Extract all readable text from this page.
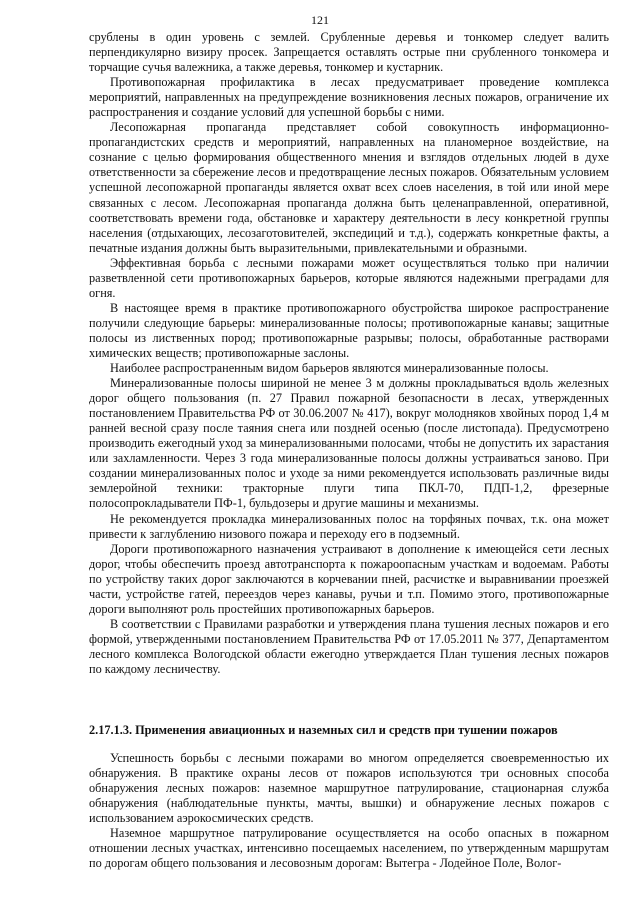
121

срублены в один уровень с землей. Срубленные деревья и тонкомер следует валить перпендикулярно визиру просек. Запрещается оставлять острые пни срубленного тонкомера и торчащие сучья валежника, а также деревья, тонкомер и кустарник.

Противопожарная профилактика в лесах предусматривает проведение комплекса мероприятий, направленных на предупреждение возникновения лесных пожаров, ограничение их распространения и создание условий для успешной борьбы с ними.

Лесопожарная пропаганда представляет собой совокупность информационно-пропагандистских средств и мероприятий, направленных на планомерное воздействие, на сознание с целью формирования общественного мнения и взглядов отдельных людей в духе ответственности за сбережение лесов и предотвращение лесных пожаров. Обязательным условием успешной лесопожарной пропаганды является охват всех слоев населения, в той или иной мере связанных с лесом. Лесопожарная пропаганда должна быть целенаправленной, оперативной, соответствовать времени года, обстановке и характеру деятельности в лесу конкретной группы населения (отдыхающих, лесозаготовителей, экспедиций и т.д.), содержать конкретные факты, а печатные издания должны быть выразительными, привлекательными и образными.

Эффективная борьба с лесными пожарами может осуществляться только при наличии разветвленной сети противопожарных барьеров, которые являются надежными преградами для огня.

В настоящее время в практике противопожарного обустройства широкое распространение получили следующие барьеры: минерализованные полосы; противопожарные канавы; защитные полосы из лиственных пород; противопожарные разрывы; полосы, обработанные растворами химических веществ; противопожарные заслоны.

Наиболее распространенным видом барьеров являются минерализованные полосы.

Минерализованные полосы шириной не менее 3 м должны прокладываться вдоль железных дорог общего пользования (п. 27 Правил пожарной безопасности в лесах, утвержденных постановлением Правительства РФ от 30.06.2007 № 417), вокруг молодняков хвойных пород 1,4 м ранней весной сразу после таяния снега или поздней осенью (после листопада). Предусмотрено производить ежегодный уход за минерализованными полосами, чтобы не допустить их зарастания или захламленности. Через 3 года минерализованные полосы должны устраиваться заново. При создании минерализованных полос и уходе за ними рекомендуется использовать различные виды землеройной техники: тракторные плуги типа ПКЛ-70, ПДП-1,2, фрезерные полосопрокладыватели ПФ-1, бульдозеры и другие машины и механизмы.

Не рекомендуется прокладка минерализованных полос на торфяных почвах, т.к. она может привести к заглублению низового пожара и переходу его в подземный.

Дороги противопожарного назначения устраивают в дополнение к имеющейся сети лесных дорог, чтобы обеспечить проезд автотранспорта к пожароопасным участкам и водоемам. Работы по устройству таких дорог заключаются в корчевании пней, расчистке и выравнивании проезжей части, устройстве гатей, переездов через канавы, ручьи и т.п. Помимо этого, противопожарные дороги выполняют роль простейших противопожарных барьеров.

В соответствии с Правилами разработки и утверждения плана тушения лесных пожаров и его формой, утвержденными постановлением Правительства РФ от 17.05.2011 № 377, Департаментом лесного комплекса Вологодской области ежегодно утверждается План тушения лесных пожаров по каждому лесничеству.

2.17.1.3. Применения авиационных и наземных сил и средств при тушении пожаров

Успешность борьбы с лесными пожарами во многом определяется своевременностью их обнаружения. В практике охраны лесов от пожаров используются три основных способа обнаружения лесных пожаров: наземное маршрутное патрулирование, стационарная служба обнаружения (наблюдательные пункты, мачты, вышки) и обнаружение лесных пожаров с использованием аэрокосмических средств.

Наземное маршрутное патрулирование осуществляется на особо опасных в пожарном отношении лесных участках, интенсивно посещаемых населением, по утвержденным маршрутам по дорогам общего пользования и лесовозным дорогам: Вытегра - Лодейное Поле, Волог-
